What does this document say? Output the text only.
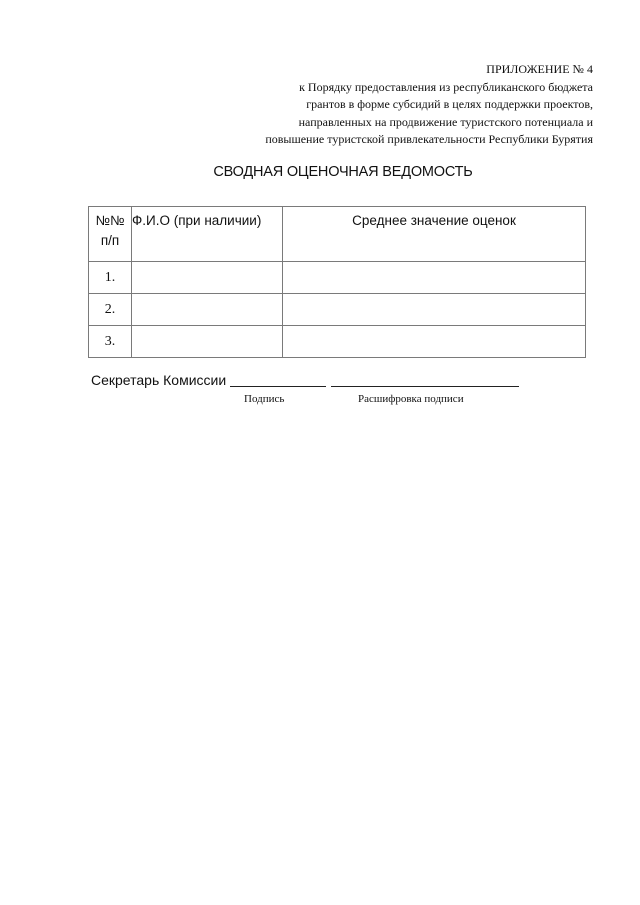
ПРИЛОЖЕНИЕ № 4
к Порядку предоставления из республиканского бюджета
грантов в форме субсидий в целях поддержки проектов,
направленных на продвижение туристского потенциала и
повышение туристской привлекательности Республики Бурятия
СВОДНАЯ ОЦЕНОЧНАЯ ВЕДОМОСТЬ
№№
п/п	Ф.И.О (при наличии)	Среднее значение оценок
1.		
2.		
3.		
Секретарь Комиссии
Подпись	Расшифровка подписи
